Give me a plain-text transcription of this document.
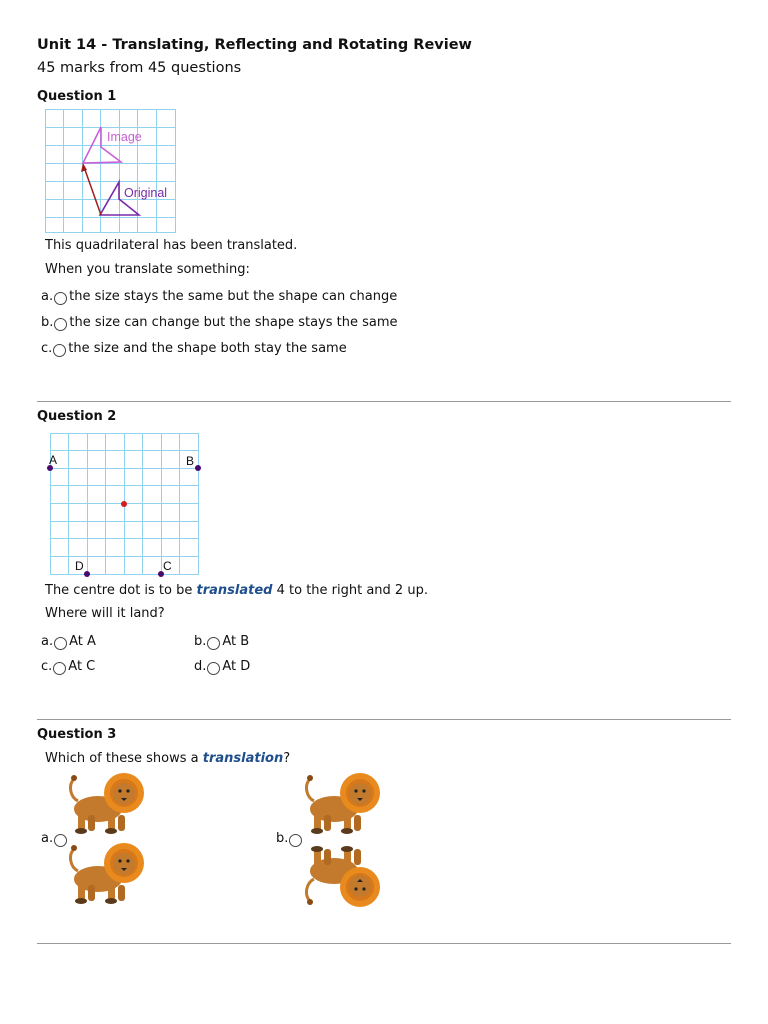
Unit 14 - Translating, Reflecting and Rotating Review
45 marks from 45 questions
Question 1
Image
Original
This quadrilateral has been translated.
When you translate something:
a. the size stays the same but the shape can change
b. the size can change but the shape stays the same
c. the size and the shape both stay the same
Question 2
A	B
C
D
The centre dot is to be translated 4 to the right and 2 up.
Where will it land?
a. At A	b. At B
c. At C	d. At D
Question 3
Which of these shows a translation?
a.	b.
